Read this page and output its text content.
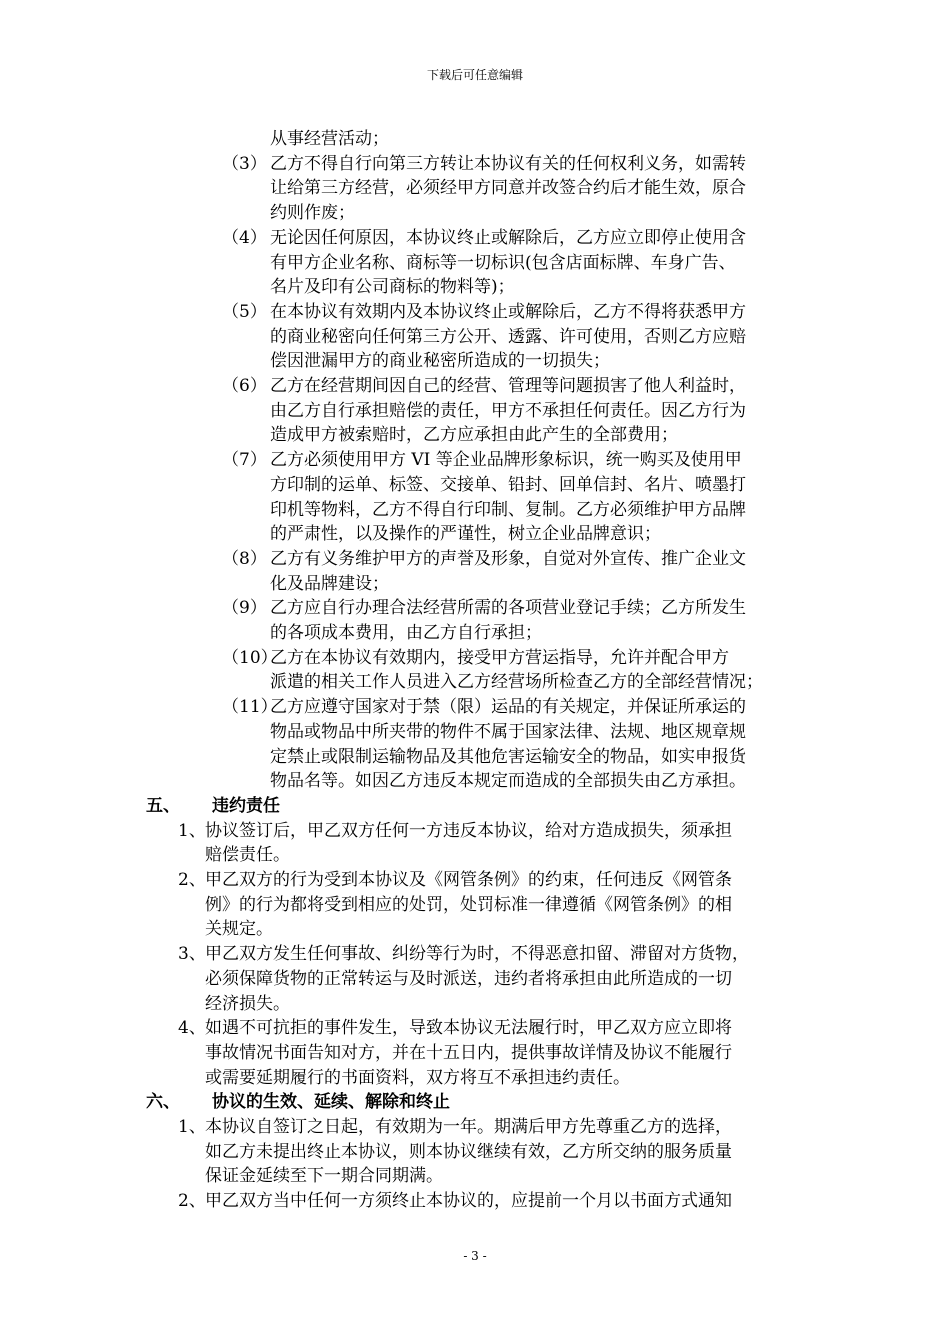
下载后可任意编辑
从事经营活动；
（3） 乙方不得自行向第三方转让本协议有关的任何权利义务，如需转
让给第三方经营，必须经甲方同意并改签合约后才能生效，原合
约则作废；
（4） 无论因任何原因，本协议终止或解除后，乙方应立即停止使用含
有甲方企业名称、商标等一切标识(包含店面标牌、车身广告、
名片及印有公司商标的物料等)；
（5） 在本协议有效期内及本协议终止或解除后，乙方不得将获悉甲方
的商业秘密向任何第三方公开、透露、许可使用，否则乙方应赔
偿因泄漏甲方的商业秘密所造成的一切损失；
（6） 乙方在经营期间因自己的经营、管理等问题损害了他人利益时，
由乙方自行承担赔偿的责任，甲方不承担任何责任。因乙方行为
造成甲方被索赔时，乙方应承担由此产生的全部费用；
（7） 乙方必须使用甲方 VI 等企业品牌形象标识，统一购买及使用甲
方印制的运单、标签、交接单、铅封、回单信封、名片、喷墨打
印机等物料，乙方不得自行印制、复制。乙方必须维护甲方品牌
的严肃性，以及操作的严谨性，树立企业品牌意识；
（8） 乙方有义务维护甲方的声誉及形象，自觉对外宣传、推广企业文
化及品牌建设；
（9） 乙方应自行办理合法经营所需的各项营业登记手续；乙方所发生
的各项成本费用，由乙方自行承担；
（10）
乙方在本协议有效期内，接受甲方营运指导，允许并配合甲方
派遣的相关工作人员进入乙方经营场所检查乙方的全部经营情况；
（11）
乙方应遵守国家对于禁（限）运品的有关规定，并保证所承运的
物品或物品中所夹带的物件不属于国家法律、法规、地区规章规
定禁止或限制运输物品及其他危害运输安全的物品，如实申报货
物品名等。如因乙方违反本规定而造成的全部损失由乙方承担。
五、 违约责任
1、 协议签订后，甲乙双方任何一方违反本协议，给对方造成损失，须承担
赔偿责任。
2、 甲乙双方的行为受到本协议及《网管条例》的约束，任何违反《网管条
例》的行为都将受到相应的处罚，处罚标准一律遵循《网管条例》的相
关规定。
3、 甲乙双方发生任何事故、纠纷等行为时，不得恶意扣留、滞留对方货物，
必须保障货物的正常转运与及时派送，违约者将承担由此所造成的一切
经济损失。
4、 如遇不可抗拒的事件发生，导致本协议无法履行时，甲乙双方应立即将
事故情况书面告知对方，并在十五日内，提供事故详情及协议不能履行
或需要延期履行的书面资料，双方将互不承担违约责任。
六、 协议的生效、延续、解除和终止
1、 本协议自签订之日起，有效期为一年。期满后甲方先尊重乙方的选择，
如乙方未提出终止本协议，则本协议继续有效，乙方所交纳的服务质量
保证金延续至下一期合同期满。
2、 甲乙双方当中任何一方须终止本协议的，应提前一个月以书面方式通知
- 3 -
